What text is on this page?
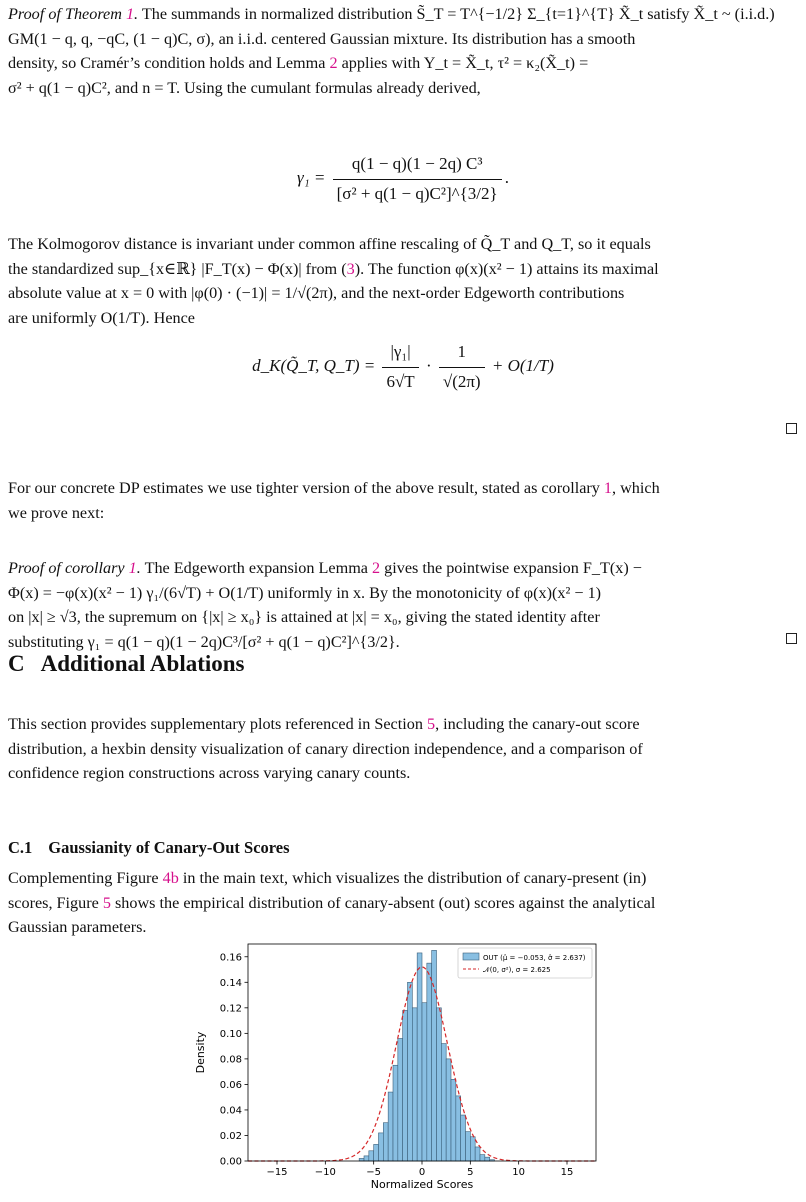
Proof of Theorem 1. The summands in normalized distribution S̃_T = T^{−1/2} Σ_{t=1}^{T} X̃_t satisfy X̃_t ~ (i.i.d.)
GM(1 − q, q, −qC, (1 − q)C, σ), an i.i.d. centered Gaussian mixture. Its distribution has a smooth
density, so Cramér’s condition holds and Lemma 2 applies with Y_t = X̃_t, τ² = κ₂(X̃_t) =
σ² + q(1 − q)C², and n = T. Using the cumulant formulas already derived,

$\gamma_1 = \frac{\text{q(1 − q)(1 − 2q) C³}}{\text{[σ² + q(1 − q)C²]\textasciicircum{}\{3/2\}}}$ .

The Kolmogorov distance is invariant under common affine rescaling of Q̃_T and Q_T, so it equals
the standardized sup_{x∈ℝ} |F_T(x) − Φ(x)| from (3). The function φ(x)(x² − 1) attains its maximal
absolute value at x = 0 with |φ(0) · (−1)| = 1/√(2π), and the next-order Edgeworth contributions
are uniformly O(1/T). Hence

d_K(Q̃_T, Q_T) = $\frac{\text{|γ₁|}}{6√T} \cdot \frac{1}{√(2\pi)} + O(1/T)$

For our concrete DP estimates we use tighter version of the above result, stated as corollary 1, which
we prove next:

Proof of corollary 1. The Edgeworth expansion Lemma 2 gives the pointwise expansion F_T(x) −
Φ(x) = −φ(x)(x² − 1) γ₁/(6√T) + O(1/T) uniformly in x. By the monotonicity of φ(x)(x² − 1)
on |x| ≥ √3, the supremum on {|x| ≥ x₀} is attained at |x| = x₀, giving the stated identity after
substituting γ₁ = q(1 − q)(1 − 2q)C³/[σ² + q(1 − q)C²]^{3/2}.

C Additional Ablations

This section provides supplementary plots referenced in Section 5, including the canary-out score
distribution, a hexbin density visualization of canary direction independence, and a comparison of
confidence region constructions across varying canary counts.

C.1 Gaussianity of Canary-Out Scores

Complementing Figure 4b in the main text, which visualizes the distribution of canary-present (in)
scores, Figure 5 shows the empirical distribution of canary-absent (out) scores against the analytical
Gaussian parameters.

−15	−10	−5	0	5	10	15
0.00
0.02
0.04
0.06
0.08
0.10
0.12
0.14
0.16
Normalized Scores
Density
OUT (μ̂ = −0.053, σ̂ = 2.637)
𝒩(0, σ²), σ = 2.625
